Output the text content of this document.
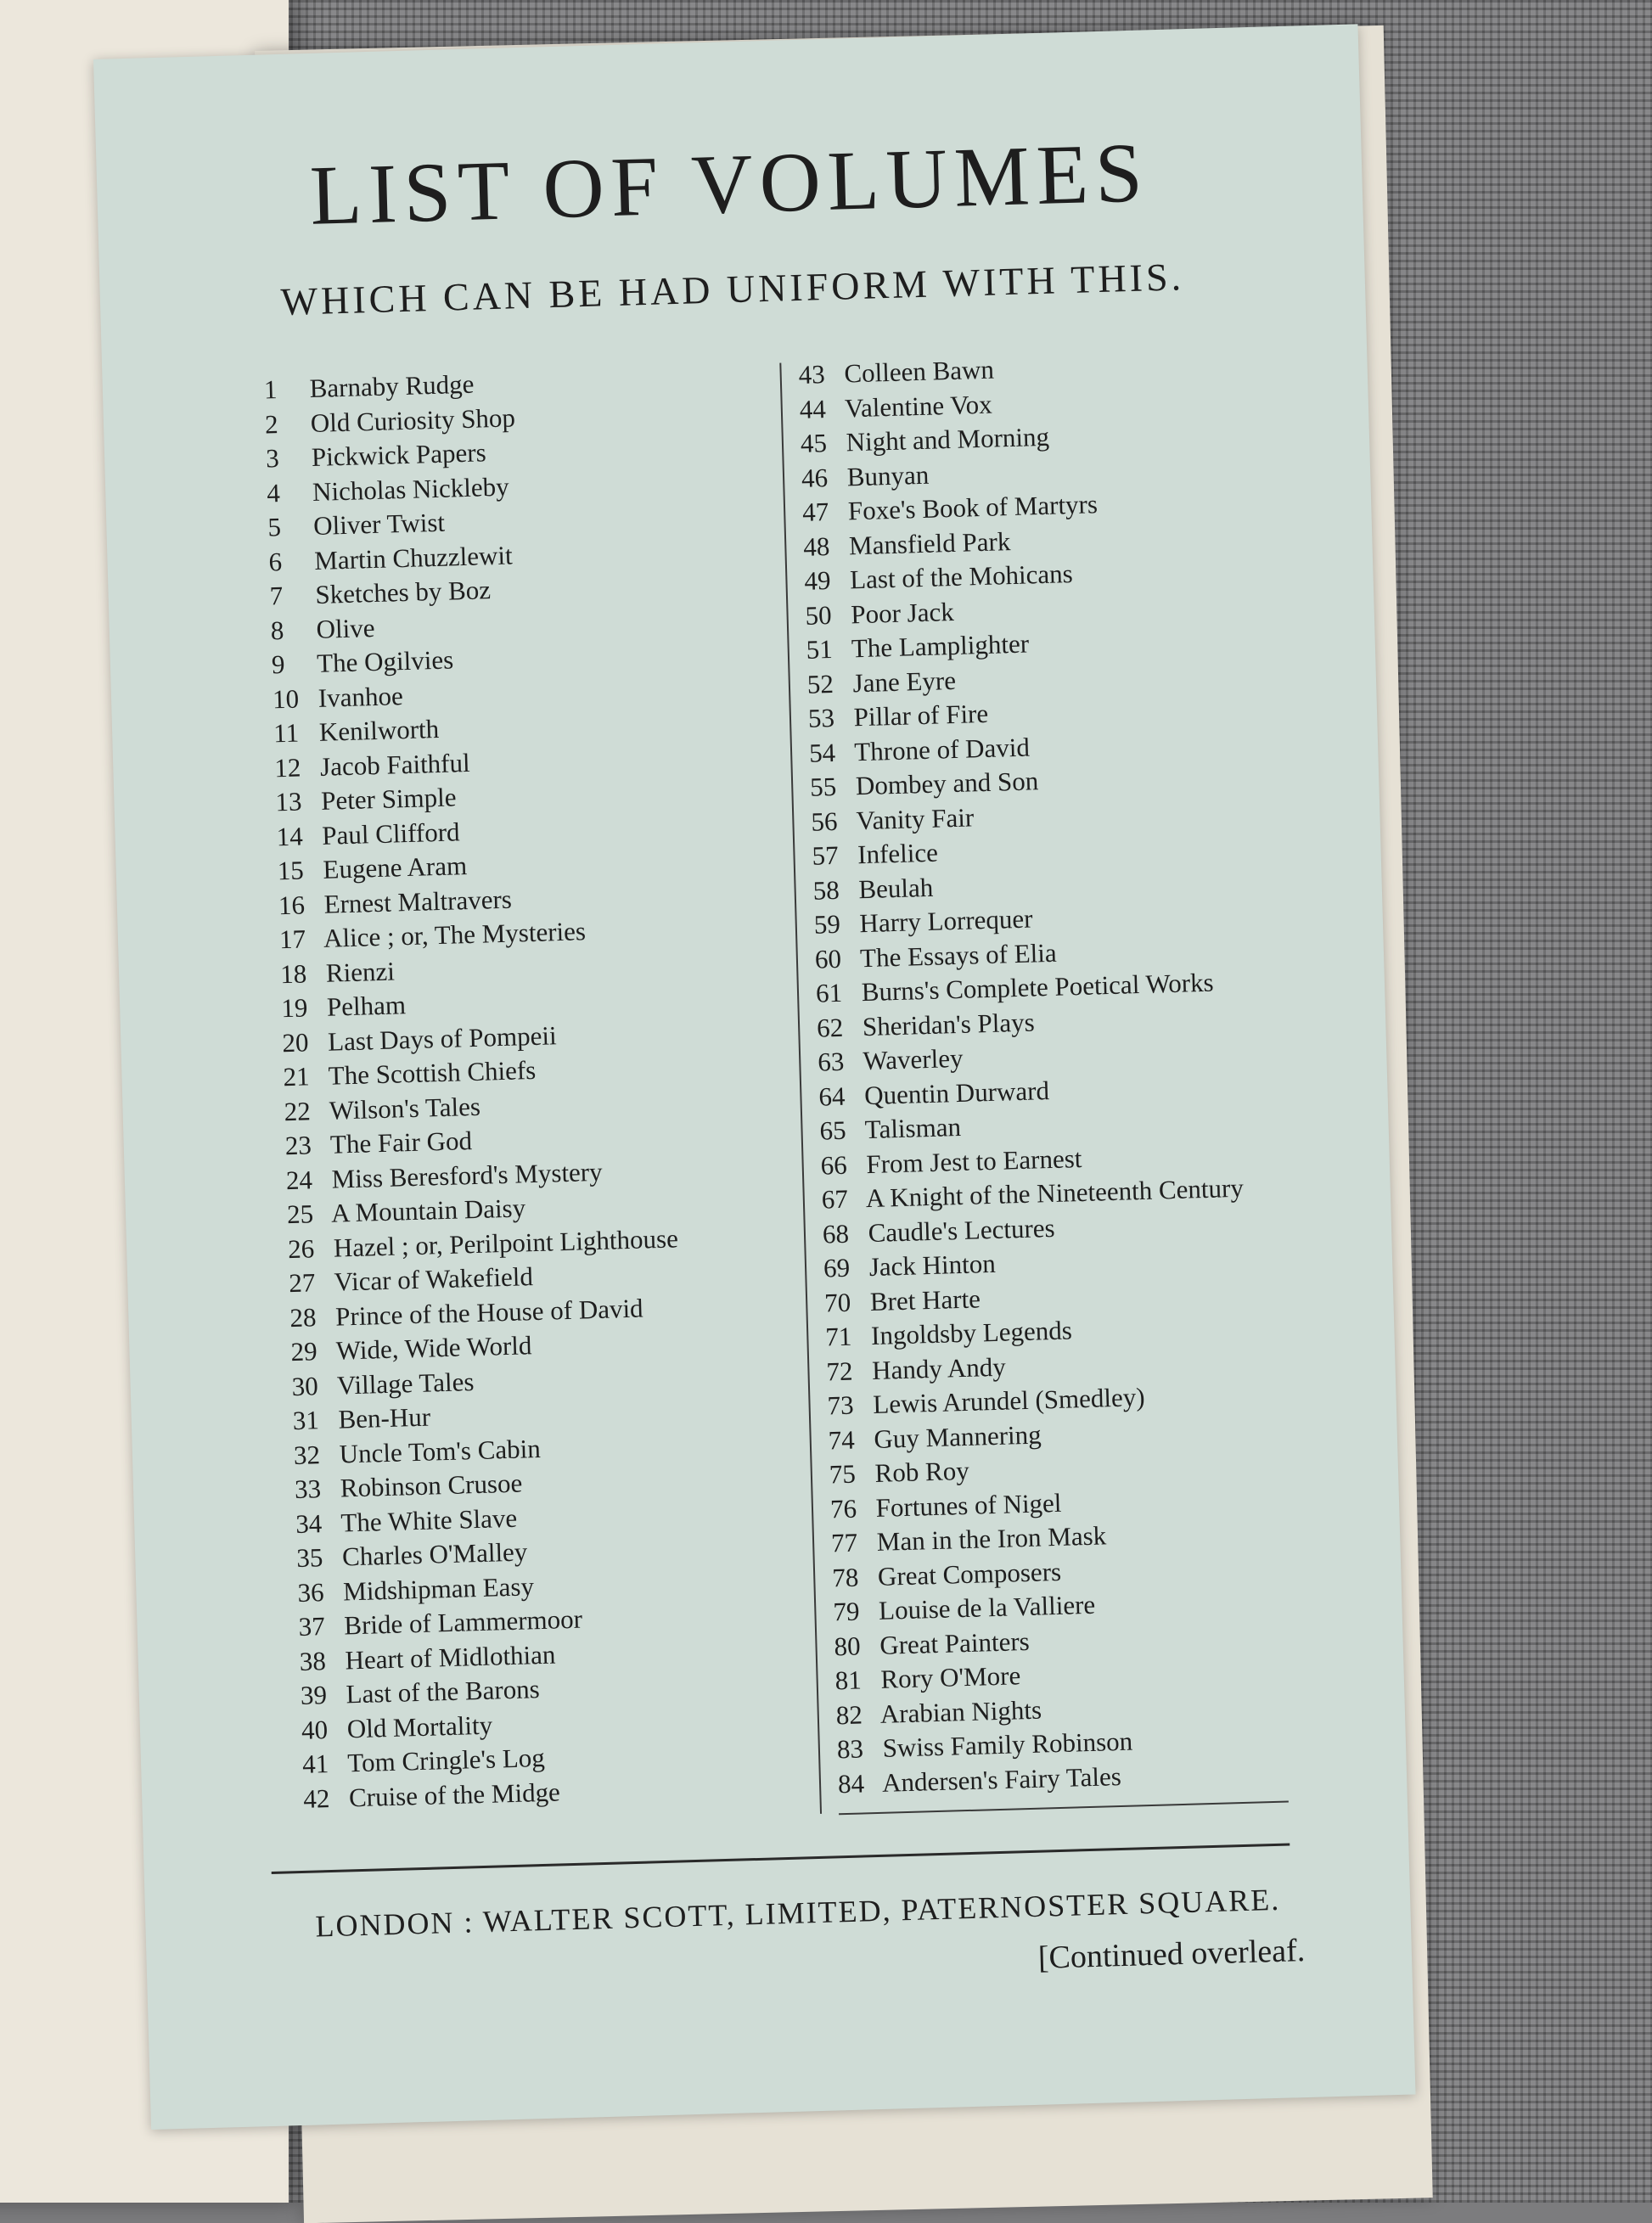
LIST OF VOLUMES
WHICH CAN BE HAD UNIFORM WITH THIS.
1 Barnaby Rudge
2 Old Curiosity Shop
3 Pickwick Papers
4 Nicholas Nickleby
5 Oliver Twist
6 Martin Chuzzlewit
7 Sketches by Boz
8 Olive
9 The Ogilvies
10 Ivanhoe
11 Kenilworth
12 Jacob Faithful
13 Peter Simple
14 Paul Clifford
15 Eugene Aram
16 Ernest Maltravers
17 Alice ; or, The Mysteries
18 Rienzi
19 Pelham
20 Last Days of Pompeii
21 The Scottish Chiefs
22 Wilson's Tales
23 The Fair God
24 Miss Beresford's Mystery
25 A Mountain Daisy
26 Hazel ; or, Perilpoint Lighthouse
27 Vicar of Wakefield
28 Prince of the House of David
29 Wide, Wide World
30 Village Tales
31 Ben-Hur
32 Uncle Tom's Cabin
33 Robinson Crusoe
34 The White Slave
35 Charles O'Malley
36 Midshipman Easy
37 Bride of Lammermoor
38 Heart of Midlothian
39 Last of the Barons
40 Old Mortality
41 Tom Cringle's Log
42 Cruise of the Midge
43 Colleen Bawn
44 Valentine Vox
45 Night and Morning
46 Bunyan
47 Foxe's Book of Martyrs
48 Mansfield Park
49 Last of the Mohicans
50 Poor Jack
51 The Lamplighter
52 Jane Eyre
53 Pillar of Fire
54 Throne of David
55 Dombey and Son
56 Vanity Fair
57 Infelice
58 Beulah
59 Harry Lorrequer
60 The Essays of Elia
61 Burns's Complete Poetical Works
62 Sheridan's Plays
63 Waverley
64 Quentin Durward
65 Talisman
66 From Jest to Earnest
67 A Knight of the Nineteenth Century
68 Caudle's Lectures
69 Jack Hinton
70 Bret Harte
71 Ingoldsby Legends
72 Handy Andy
73 Lewis Arundel (Smedley)
74 Guy Mannering
75 Rob Roy
76 Fortunes of Nigel
77 Man in the Iron Mask
78 Great Composers
79 Louise de la Valliere
80 Great Painters
81 Rory O'More
82 Arabian Nights
83 Swiss Family Robinson
84 Andersen's Fairy Tales

LONDON : WALTER SCOTT, LIMITED, PATERNOSTER SQUARE.

[Continued overleaf.
